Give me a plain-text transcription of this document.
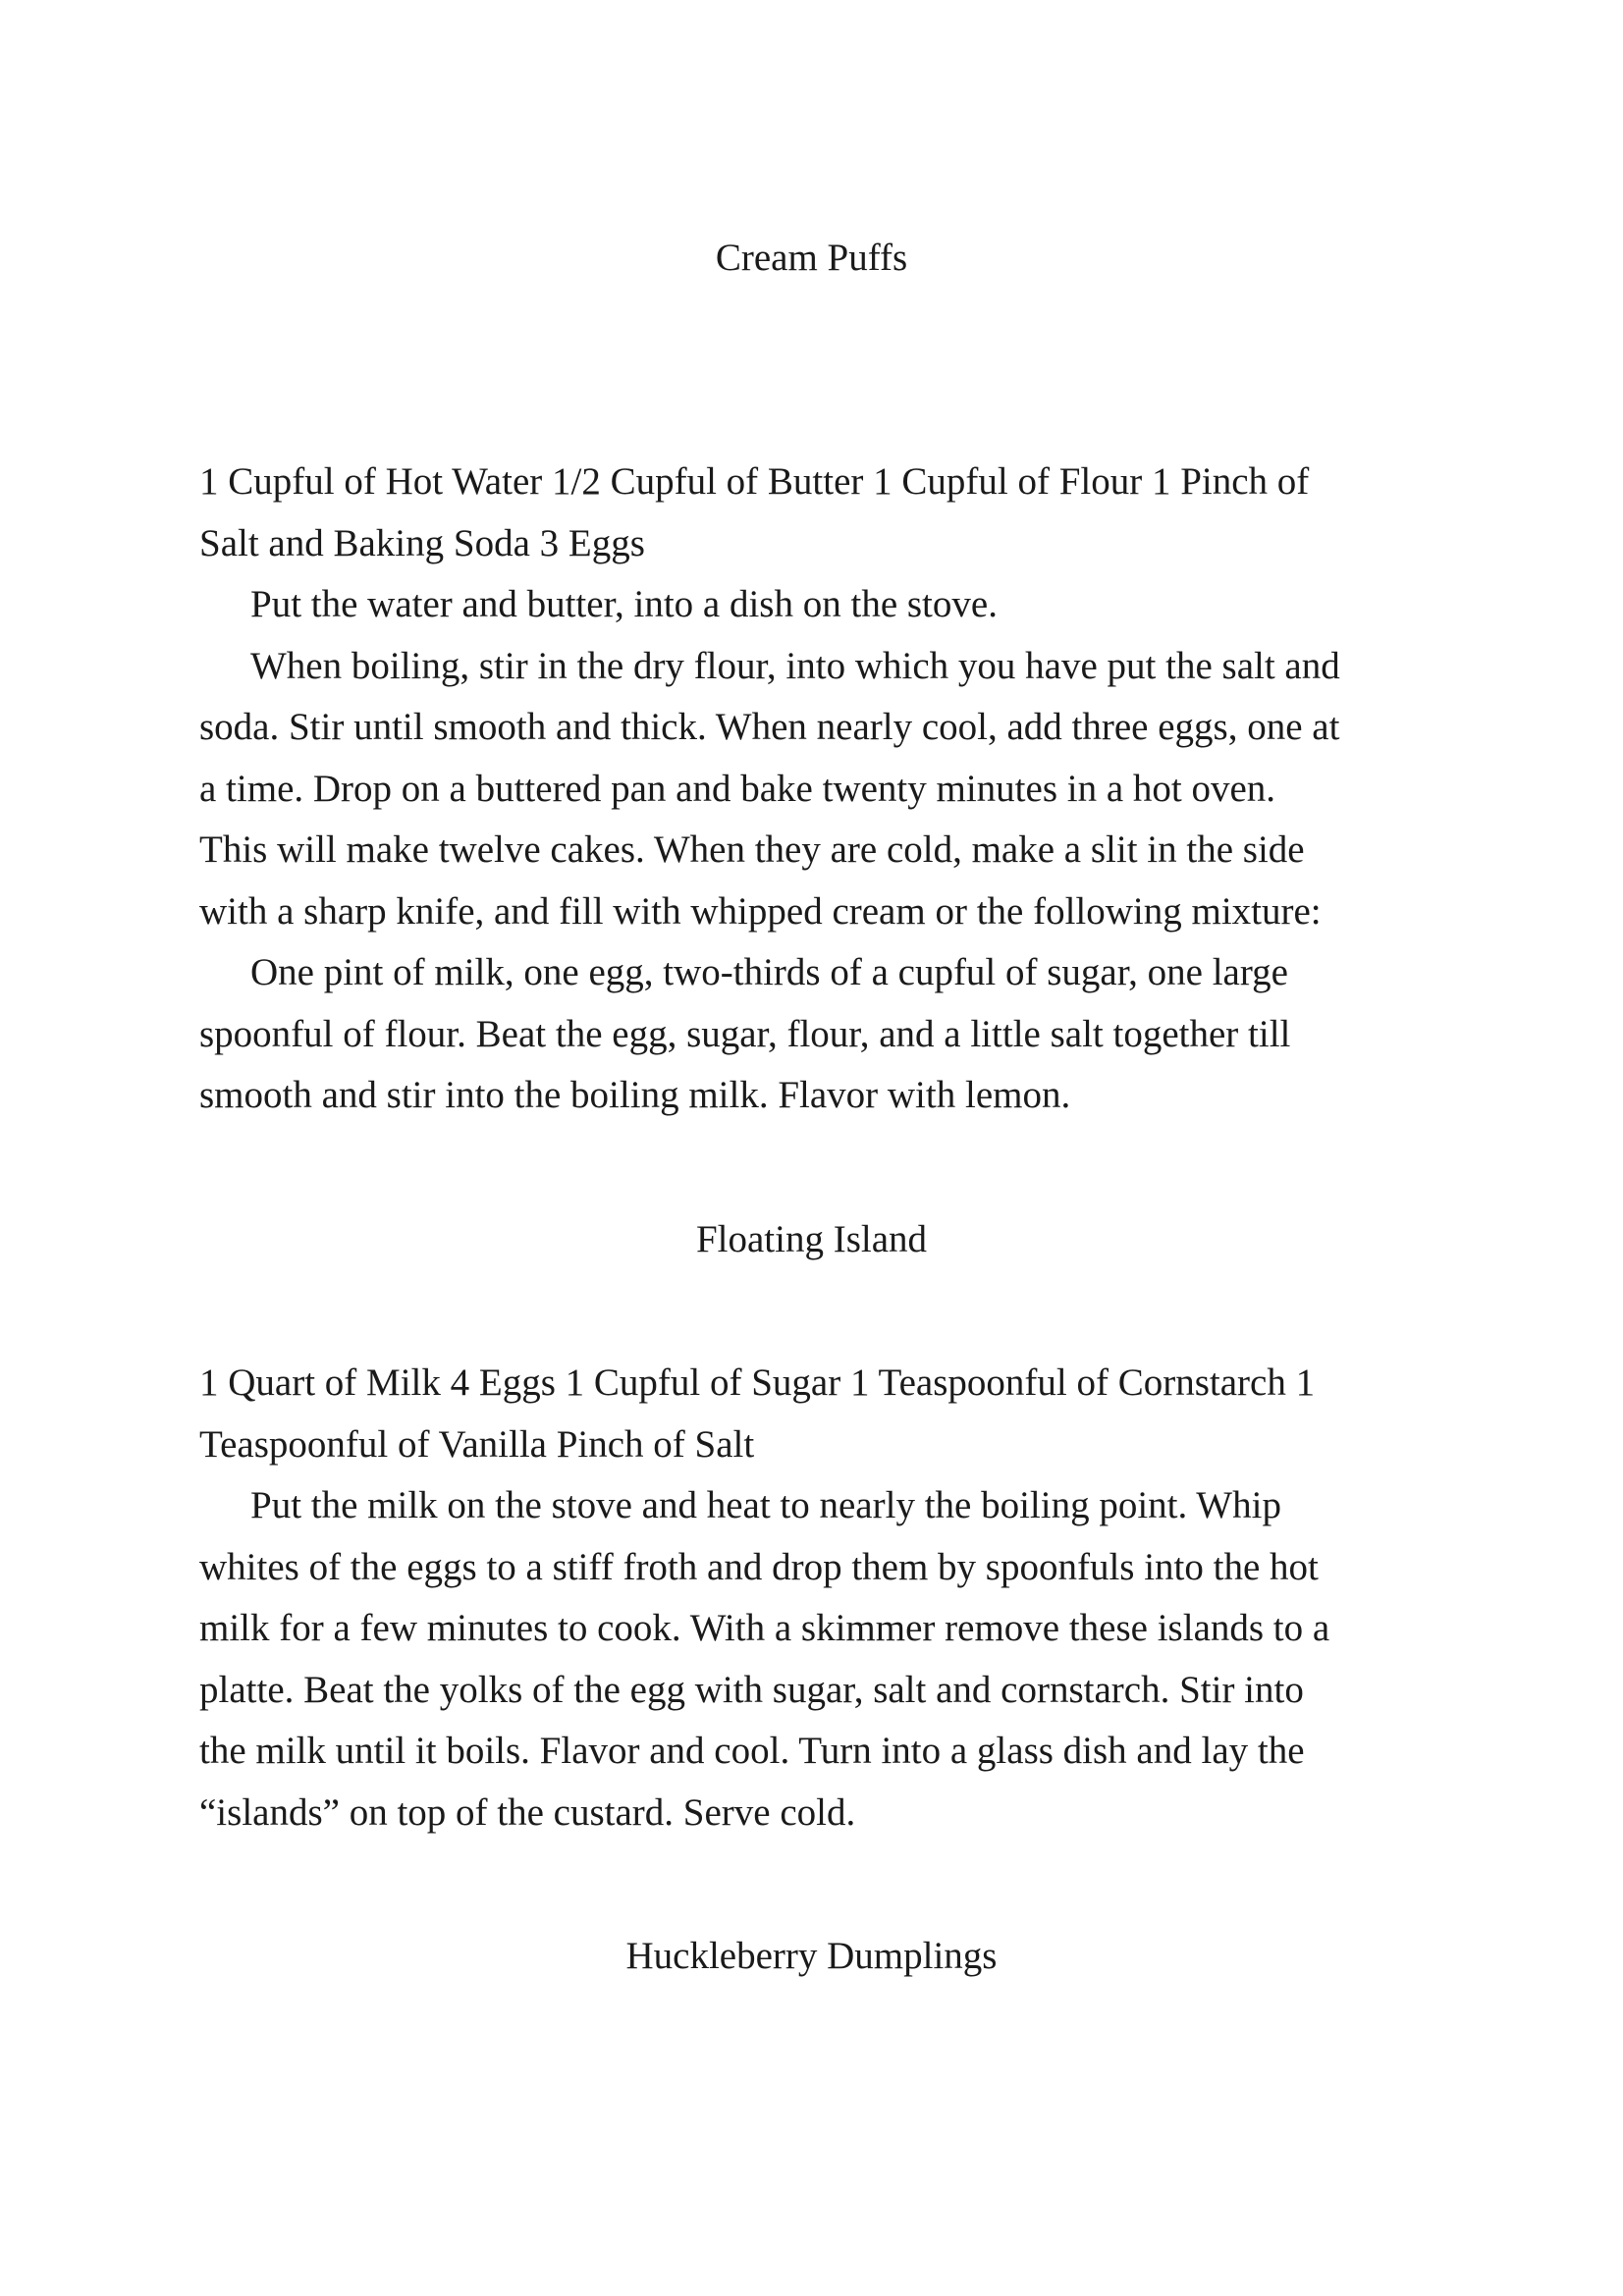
Cream Puffs
1 Cupful of Hot Water 1/2 Cupful of Butter 1 Cupful of Flour 1 Pinch of
Salt and Baking Soda 3 Eggs
Put the water and butter, into a dish on the stove.
When boiling, stir in the dry flour, into which you have put the salt and
soda. Stir until smooth and thick. When nearly cool, add three eggs, one at
a time. Drop on a buttered pan and bake twenty minutes in a hot oven.
This will make twelve cakes. When they are cold, make a slit in the side
with a sharp knife, and fill with whipped cream or the following mixture:
One pint of milk, one egg, two-thirds of a cupful of sugar, one large
spoonful of flour. Beat the egg, sugar, flour, and a little salt together till
smooth and stir into the boiling milk. Flavor with lemon.
Floating Island
1 Quart of Milk 4 Eggs 1 Cupful of Sugar 1 Teaspoonful of Cornstarch 1
Teaspoonful of Vanilla Pinch of Salt
Put the milk on the stove and heat to nearly the boiling point. Whip
whites of the eggs to a stiff froth and drop them by spoonfuls into the hot
milk for a few minutes to cook. With a skimmer remove these islands to a
platte. Beat the yolks of the egg with sugar, salt and cornstarch. Stir into
the milk until it boils. Flavor and cool. Turn into a glass dish and lay the
“islands” on top of the custard. Serve cold.
Huckleberry Dumplings
